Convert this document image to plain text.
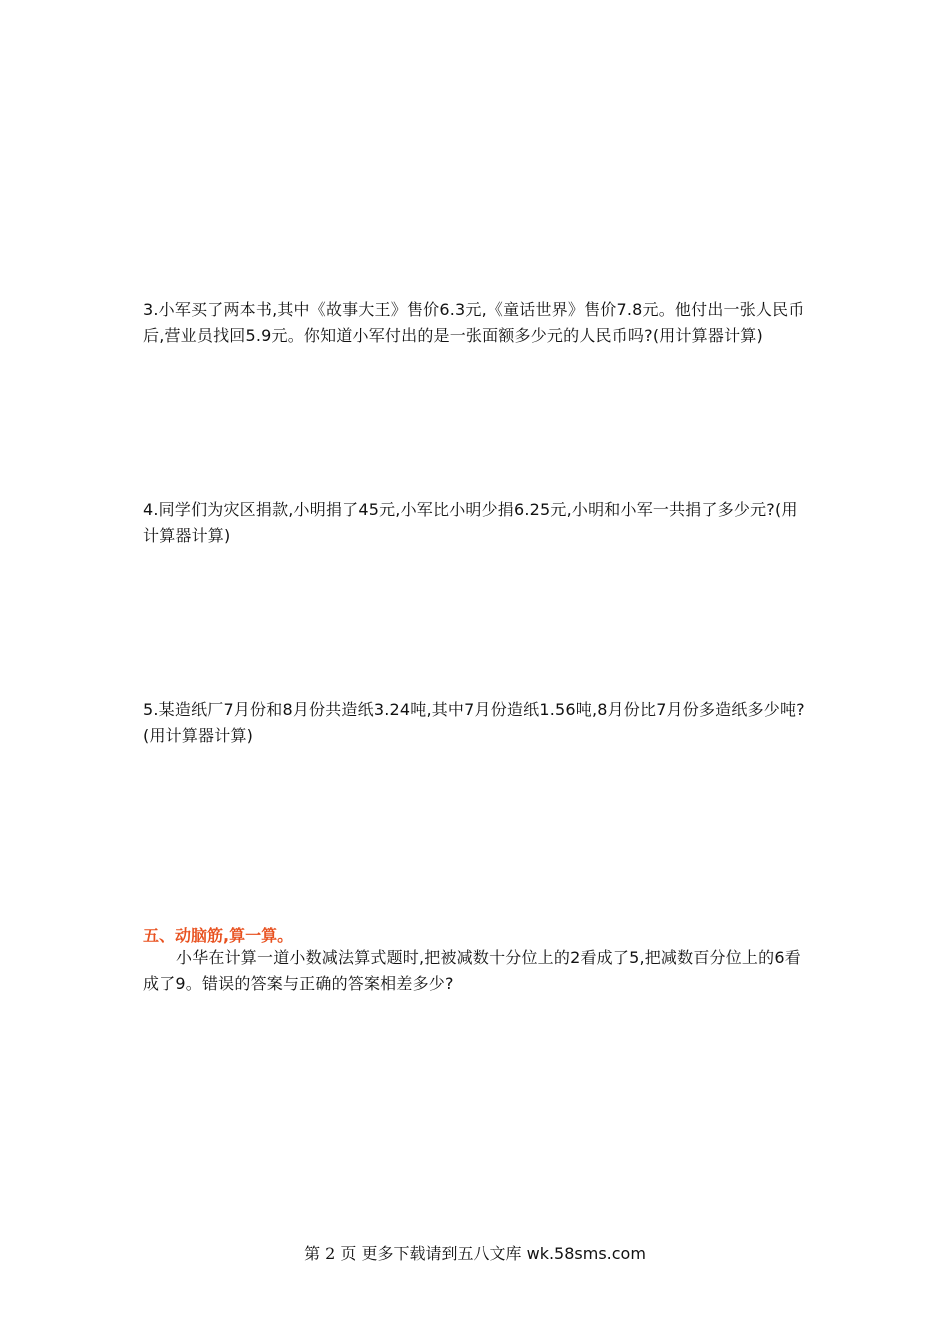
3.小军买了两本书,其中《故事大王》售价6.3元,《童话世界》售价7.8元。他付出一张人民币后,营业员找回5.9元。你知道小军付出的是一张面额多少元的人民币吗?(用计算器计算)
4.同学们为灾区捐款,小明捐了45元,小军比小明少捐6.25元,小明和小军一共捐了多少元?(用计算器计算)
5.某造纸厂7月份和8月份共造纸3.24吨,其中7月份造纸1.56吨,8月份比7月份多造纸多少吨?(用计算器计算)
五、动脑筋,算一算。
小华在计算一道小数减法算式题时,把被减数十分位上的2看成了5,把减数百分位上的6看成了9。错误的答案与正确的答案相差多少?
第 2 页 更多下载请到五八文库 wk.58sms.com
